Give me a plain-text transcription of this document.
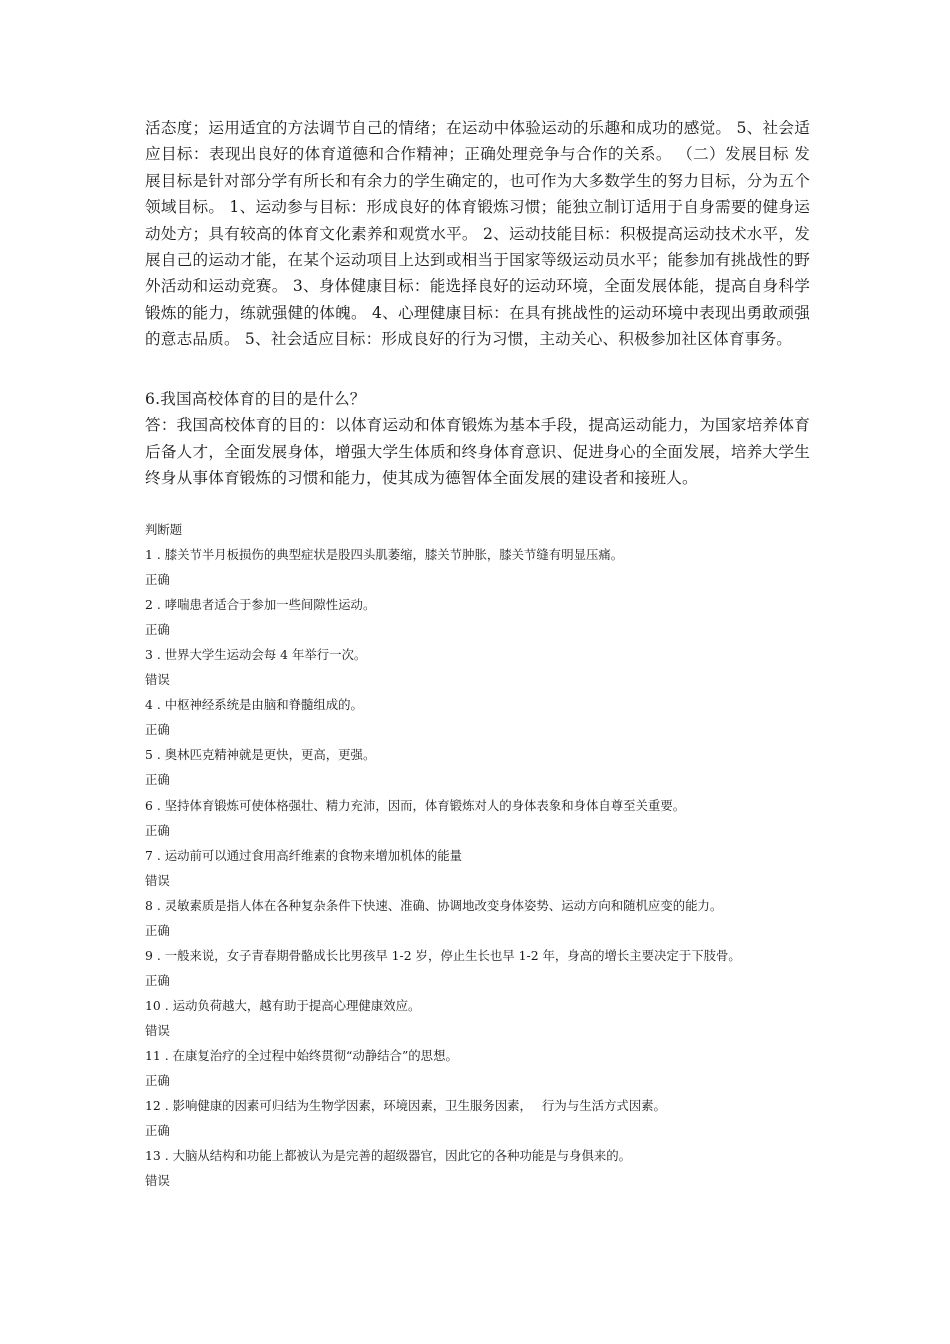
活态度；运用适宜的方法调节自己的情绪；在运动中体验运动的乐趣和成功的感觉。 5、社会适应目标：表现出良好的体育道德和合作精神；正确处理竞争与合作的关系。 （二）发展目标 发展目标是针对部分学有所长和有余力的学生确定的，也可作为大多数学生的努力目标，分为五个领域目标。 1、运动参与目标：形成良好的体育锻炼习惯；能独立制订适用于自身需要的健身运动处方；具有较高的体育文化素养和观赏水平。 2、运动技能目标：积极提高运动技术水平，发展自己的运动才能，在某个运动项目上达到或相当于国家等级运动员水平；能参加有挑战性的野外活动和运动竞赛。 3、身体健康目标：能选择良好的运动环境，全面发展体能，提高自身科学锻炼的能力，练就强健的体魄。 4、心理健康目标：在具有挑战性的运动环境中表现出勇敢顽强的意志品质。 5、社会适应目标：形成良好的行为习惯，主动关心、积极参加社区体育事务。

6.我国高校体育的目的是什么？
答：我国高校体育的目的：以体育运动和体育锻炼为基本手段，提高运动能力，为国家培养体育后备人才，全面发展身体，增强大学生体质和终身体育意识、促进身心的全面发展，培养大学生终身从事体育锻炼的习惯和能力，使其成为德智体全面发展的建设者和接班人。
判断题
1 . 膝关节半月板损伤的典型症状是股四头肌萎缩，膝关节肿胀，膝关节缝有明显压痛。
正确
2 . 哮喘患者适合于参加一些间隙性运动。
正确
3 . 世界大学生运动会每 4 年举行一次。
错误
4 . 中枢神经系统是由脑和脊髓组成的。
正确
5 . 奥林匹克精神就是更快，更高，更强。
正确
6 . 坚持体育锻炼可使体格强壮、精力充沛，因而，体育锻炼对人的身体表象和身体自尊至关重要。
正确
7 . 运动前可以通过食用高纤维素的食物来增加机体的能量
错误
8 . 灵敏素质是指人体在各种复杂条件下快速、准确、协调地改变身体姿势、运动方向和随机应变的能力。
正确
9 . 一般来说，女子青春期骨骼成长比男孩早 1-2 岁，停止生长也早 1-2 年，身高的增长主要决定于下肢骨。
正确
10 . 运动负荷越大，越有助于提高心理健康效应。
错误
11 . 在康复治疗的全过程中始终贯彻“动静结合”的思想。
正确
12 . 影响健康的因素可归结为生物学因素，环境因素，卫生服务因素，　 行为与生活方式因素。
正确
13 . 大脑从结构和功能上都被认为是完善的超级器官，因此它的各种功能是与身俱来的。
错误
